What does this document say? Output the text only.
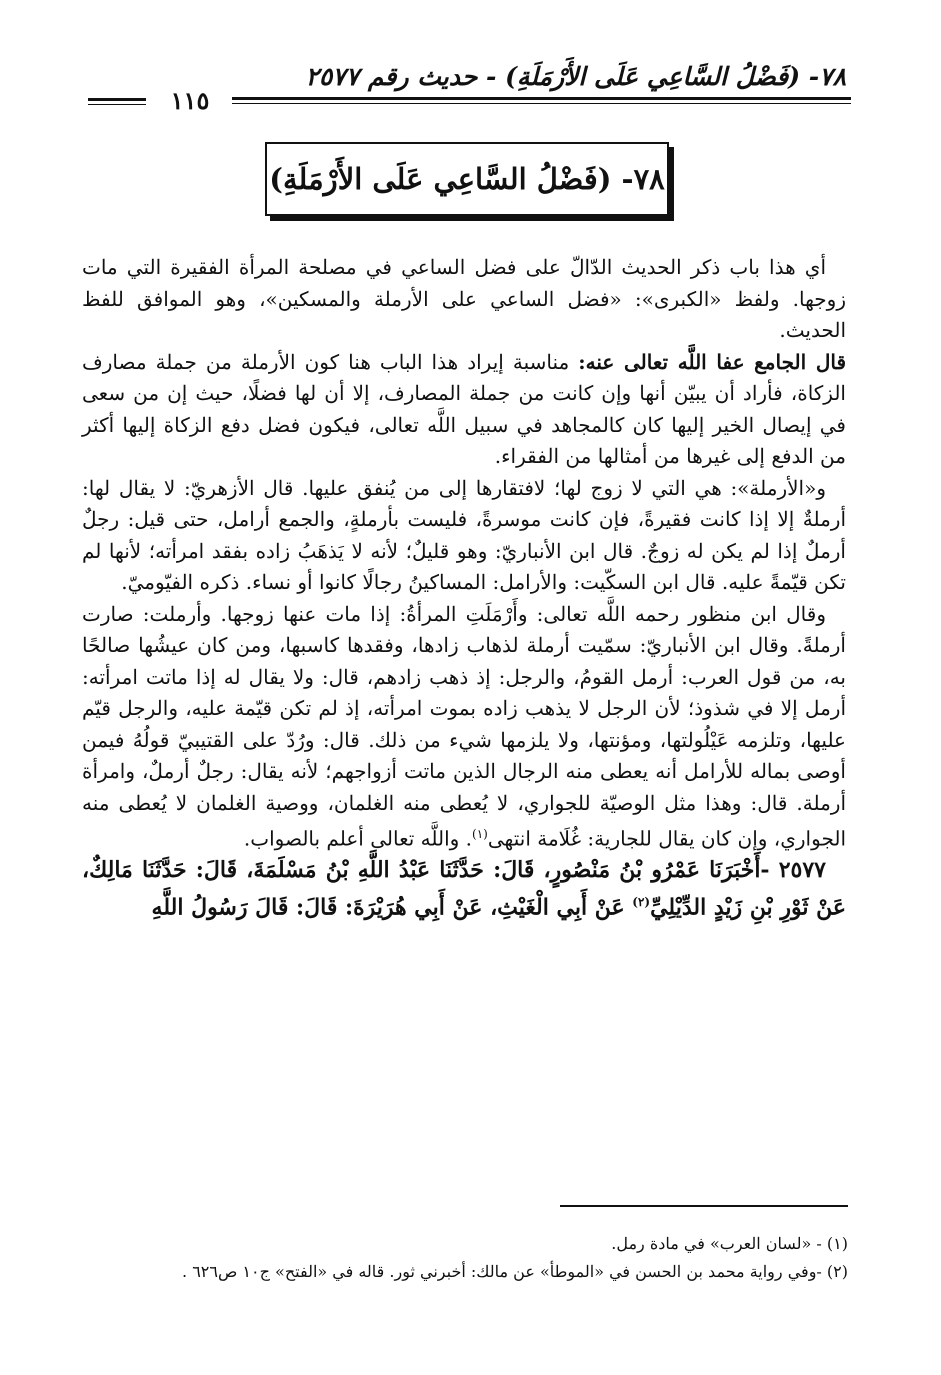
٧٨- (فَضْلُ السَّاعِي عَلَى الأَرْمَلَةِ) - حديث رقم ٢٥٧٧
١١٥
٧٨- (فَضْلُ السَّاعِي عَلَى الأَرْمَلَةِ)

أي هذا باب ذكر الحديث الدّالّ على فضل الساعي في مصلحة المرأة الفقيرة التي مات زوجها. ولفظ «الكبرى»: «فضل الساعي على الأرملة والمسكين»، وهو الموافق للفظ الحديث.

قال الجامع عفا اللَّه تعالى عنه: مناسبة إيراد هذا الباب هنا كون الأرملة من جملة مصارف الزكاة، فأراد أن يبيّن أنها وإن كانت من جملة المصارف، إلا أن لها فضلًا، حيث إن من سعى في إيصال الخير إليها كان كالمجاهد في سبيل اللَّه تعالى، فيكون فضل دفع الزكاة إليها أكثر من الدفع إلى غيرها من أمثالها من الفقراء.

و«الأرملة»: هي التي لا زوج لها؛ لافتقارها إلى من يُنفق عليها. قال الأزهريّ: لا يقال لها: أرملةٌ إلا إذا كانت فقيرةً، فإن كانت موسرةً، فليست بأرملةٍ، والجمع أرامل، حتى قيل: رجلٌ أرملٌ إذا لم يكن له زوجٌ. قال ابن الأنباريّ: وهو قليلٌ؛ لأنه لا يَذهَبُ زاده بفقد امرأته؛ لأنها لم تكن قيّمةً عليه. قال ابن السكّيت: والأرامل: المساكينُ رجالًا كانوا أو نساء. ذكره الفيّوميّ.

وقال ابن منظور رحمه اللَّه تعالى: وأَرْمَلَتِ المرأةُ: إذا مات عنها زوجها. وأرملت: صارت أرملةً. وقال ابن الأنباريّ: سمّيت أرملة لذهاب زادها، وفقدها كاسبها، ومن كان عيشُها صالحًا به، من قول العرب: أرمل القومُ، والرجل: إذ ذهب زادهم، قال: ولا يقال له إذا ماتت امرأته: أرمل إلا في شذوذ؛ لأن الرجل لا يذهب زاده بموت امرأته، إذ لم تكن قيّمة عليه، والرجل قيّم عليها، وتلزمه عَيْلُولتها، ومؤنتها، ولا يلزمها شيء من ذلك. قال: ورُدّ على القتيبيّ قولُهُ فيمن أوصى بماله للأرامل أنه يعطى منه الرجال الذين ماتت أزواجهم؛ لأنه يقال: رجلٌ أرملٌ، وامرأة أرملة. قال: وهذا مثل الوصيّة للجواري، لا يُعطى منه الغلمان، ووصية الغلمان لا يُعطى منه الجواري، وإن كان يقال للجارية: غُلَامة انتهى$^{(١)}$. واللَّه تعالى أعلم بالصواب.

٢٥٧٧ -أَخْبَرَنَا عَمْرُو بْنُ مَنْصُورٍ، قَالَ: حَدَّثَنَا عَبْدُ اللَّهِ بْنُ مَسْلَمَةَ، قَالَ: حَدَّثَنَا مَالِكٌ، عَنْ ثَوْرِ بْنِ زَيْدٍ الدِّيْلِيِّ$^{(٢)}$ عَنْ أَبِي الْغَيْثِ، عَنْ أَبِي هُرَيْرَةَ: قَالَ: قَالَ رَسُولُ اللَّهِ

(١) - «لسان العرب» في مادة رمل.

(٢) -وفي رواية محمد بن الحسن في «الموطأ» عن مالك: أخبرني ثور. قاله في «الفتح» ج١٠ ص٦٢٦ .
